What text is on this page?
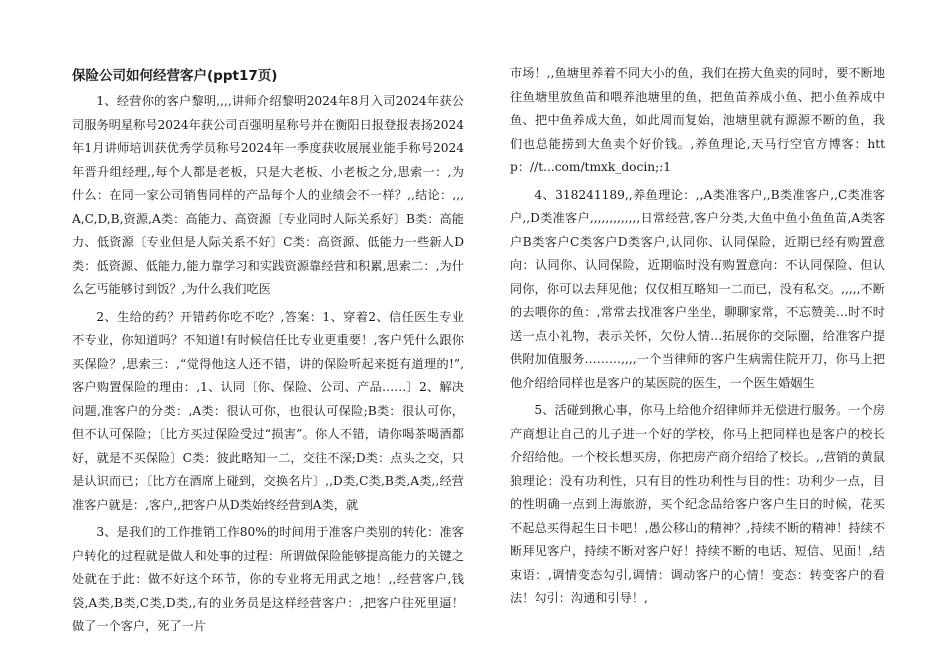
保险公司如何经营客户(ppt17页)

1、经营你的客户黎明,,,,讲师介绍黎明2024年8月入司2024年获公司服务明星称号2024年获公司百强明星称号并在衡阳日报登报表扬2024年1月讲师培训获优秀学员称号2024年一季度获收展展业能手称号2024年晋升组经理,,每个人都是老板，只是大老板、小老板之分,思索一：,为什么：在同一家公司销售同样的产品每个人的业绩会不一样？,,结论：,,,A,C,D,B,资源,A类：高能力、高资源〔专业同时人际关系好〕B类：高能力、低资源〔专业但是人际关系不好〕C类：高资源、低能力一些新人D类：低资源、低能力,能力靠学习和实践资源靠经营和积累,思索二：,为什么乞丐能够讨到饭？,为什么我们吃医

2、生给的药？开错药你吃不吃？,答案：1、穿着2、信任医生专业不专业，你知道吗？不知道!有时候信任比专业更重要！,客户凭什么跟你买保险？,思索三：,“觉得他这人还不错，讲的保险听起来挺有道理的!”,客户购置保险的理由：,1、认同〔你、保险、公司、产品……〕2、解决问题,准客户的分类：,A类：很认可你，也很认可保险;B类：很认可你，但不认可保险；〔比方买过保险受过“损害”。你人不错，请你喝茶喝酒都好，就是不买保险〕C类：彼此略知一二，交往不深;D类：点头之交，只是认识而已；〔比方在酒席上碰到，交换名片〕,,D类,C类,B类,A类,,经营准客户就是：,客户,,把客户从D类始终经营到A类，就

3、是我们的工作推销工作80%的时间用于准客户类别的转化：准客户转化的过程就是做人和处事的过程：所谓做保险能够提高能力的关键之处就在于此：做不好这个环节，你的专业将无用武之地！,,经营客户,钱袋,A类,B类,C类,D类,,有的业务员是这样经营客户：,把客户往死里逼！做了一个客户，死了一片

市场！,,鱼塘里养着不同大小的鱼，我们在捞大鱼卖的同时，要不断地往鱼塘里放鱼苗和喂养池塘里的鱼，把鱼苗养成小鱼、把小鱼养成中鱼、把中鱼养成大鱼，如此周而复始，池塘里就有源源不断的鱼，我们也总能捞到大鱼卖个好价钱。,养鱼理论,天马行空官方博客：http：//t...com/tmxk_docin;:1

4、318241189,,养鱼理论：,,A类准客户,,B类准客户,,C类准客户,,D类准客户,,,,,,,,,,,,,日常经营,客户分类,大鱼中鱼小鱼鱼苗,A类客户B类客户C类客户D类客户,认同你、认同保险，近期已经有购置意向：认同你、认同保险，近期临时没有购置意向：不认同保险、但认同你，你可以去拜见他；仅仅相互略知一二而已，没有私交。,,,,,不断的去喂你的鱼：,常常去找准客户坐坐，聊聊家常，不忘赞美…时不时送一点小礼物，表示关怀，欠份人情…拓展你的交际圈，给准客户提供附加值服务………,,,,一个当律师的客户生病需住院开刀，你马上把他介绍给同样也是客户的某医院的医生，一个医生婚姻生

5、活碰到揪心事，你马上给他介绍律师并无偿进行服务。一个房产商想让自己的儿子进一个好的学校，你马上把同样也是客户的校长介绍给他。一个校长想买房，你把房产商介绍给了校长。,,营销的黄鼠狼理论：没有功利性，只有目的性功利性与目的性：功利少一点，目的性明确一点到上海旅游，买个纪念品给客户客户生日的时候，花买不起总买得起生日卡吧！,愚公移山的精神？,持续不断的精神！持续不断拜见客户，持续不断对客户好！持续不断的电话、短信、见面！,结束语：,调情变态勾引,调情：调动客户的心情！变态：转变客户的看法！勾引：沟通和引导！,
